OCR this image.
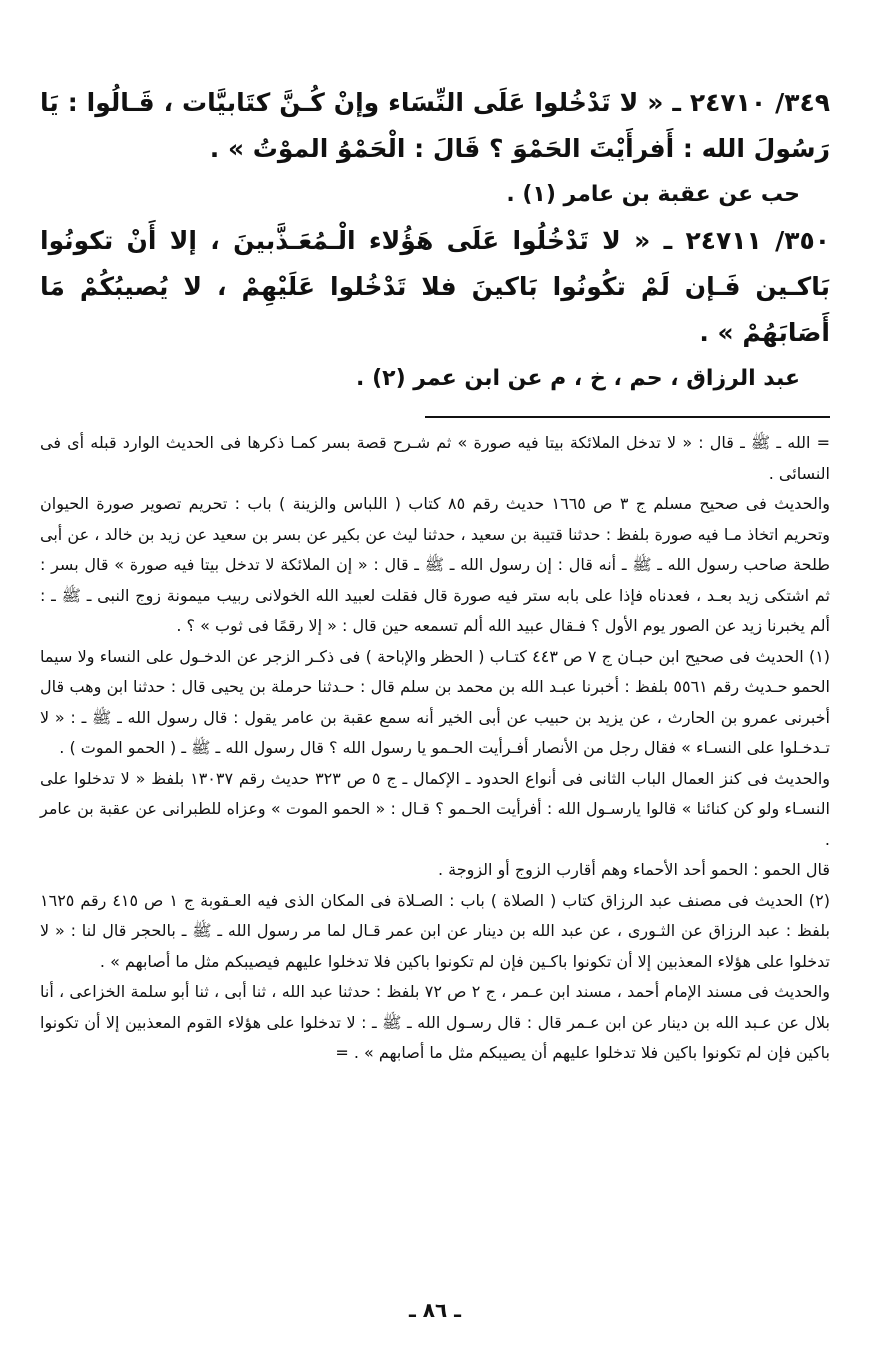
٣٤٩/ ٢٤٧١٠ ـ « لا تَدْخُلوا عَلَى النِّسَاء وإنْ كُـنَّ كتَابيَّات ، قَـالُوا : يَا رَسُولَ الله : أَفرأَيْتَ الحَمْوَ ؟ قَالَ : الْحَمْوُ الموْتُ » .

حب عن عقبة بن عامر (١) .

٣٥٠/ ٢٤٧١١ ـ « لا تَدْخُلُوا عَلَى هَؤُلاء الْـمُعَـذَّبينَ ، إلا أَنْ تكونُوا بَاكـين فَـإن لَمْ تكُونُوا بَاكينَ فلا تَدْخُلوا عَلَيْهِمْ ، لا يُصيبُكُمْ مَا أَصَابَهُمْ » .

عبد الرزاق ، حم ، خ ، م عن ابن عمر (٢) .

= الله ـ ﷺ ـ قال : « لا تدخل الملائكة بيتا فيه صورة » ثم شـرح قصة بسر كمـا ذكرها فى الحديث الوارد قبله أى فى النسائى .

والحديث فى صحيح مسلم ج ٣ ص ١٦٦٥ حديث رقم ٨٥ كتاب ( اللباس والزينة ) باب : تحريم تصوير صورة الحيوان وتحريم اتخاذ مـا فيه صورة بلفظ : حدثنا قتيبة بن سعيد ، حدثنا ليث عن بكير عن بسر بن سعيد عن زيد بن خالد ، عن أبى طلحة صاحب رسول الله ـ ﷺ ـ أنه قال : إن رسول الله ـ ﷺ ـ قال : « إن الملائكة لا تدخل بيتا فيه صورة » قال بسر : ثم اشتكى زيد بعـد ، فعدناه فإذا على بابه ستر فيه صورة قال فقلت لعبيد الله الخولانى ربيب ميمونة زوج النبى ـ ﷺ ـ : ألم يخبرنا زيد عن الصور يوم الأول ؟ فـقال عبيد الله ألم تسمعه حين قال : « إلا رقمًا فى ثوب » ؟ .

(١) الحديث فى صحيح ابن حبـان ج ٧ ص ٤٤٣ كتـاب ( الحظر والإباحة ) فى ذكـر الزجر عن الدخـول على النساء ولا سيما الحمو حـديث رقم ٥٥٦١ بلفظ : أخبرنا عبـد الله بن محمد بن سلم قال : حـدثنا حرملة بن يحيى قال : حدثنا ابن وهب قال أخبرنى عمرو بن الحارث ، عن يزيد بن حبيب عن أبى الخير أنه سمع عقبة بن عامر يقول : قال رسول الله ـ ﷺ ـ : « لا تـدخـلوا على النسـاء » فقال رجل من الأنصار أفـرأيت الحـمو يا رسول الله ؟ قال رسول الله ـ ﷺ ـ ( الحمو الموت ) .

والحديث فى كنز العمال الباب الثانى فى أنواع الحدود ـ الإكمال ـ ج ٥ ص ٣٢٣ حديث رقم ١٣٠٣٧ بلفظ « لا تدخلوا على النسـاء ولو كن كنائنا » قالوا يارسـول الله : أفرأيت الحـمو ؟ قـال : « الحمو الموت » وعزاه للطبرانى عن عقبة بن عامر .

قال الحمو : الحمو أحد الأحماء وهم أقارب الزوج أو الزوجة .

(٢) الحديث فى مصنف عبد الرزاق كتاب ( الصلاة ) باب : الصـلاة فى المكان الذى فيه العـقوبة ج ١ ص ٤١٥ رقم ١٦٢٥ بلفظ : عبد الرزاق عن الثـورى ، عن عبد الله بن دينار عن ابن عمر قـال لما مر رسول الله ـ ﷺ ـ بالحجر قال لنا : « لا تدخلوا على هؤلاء المعذبين إلا أن تكونوا باكـين فإن لم تكونوا باكين فلا تدخلوا عليهم فيصيبكم مثل ما أصابهم » .

والحديث فى مسند الإمام أحمد ، مسند ابن عـمر ، ج ٢ ص ٧٢ بلفظ : حدثنا عبد الله ، ثنا أبى ، ثنا أبو سلمة الخزاعى ، أنا بلال عن عـبد الله بن دينار عن ابن عـمر قال : قال رسـول الله ـ ﷺ ـ : لا تدخلوا على هؤلاء القوم المعذبين إلا أن تكونوا باكين فإن لم تكونوا باكين فلا تدخلوا عليهم أن يصيبكم مثل ما أصابهم » . =

ـ ٨٦ ـ
